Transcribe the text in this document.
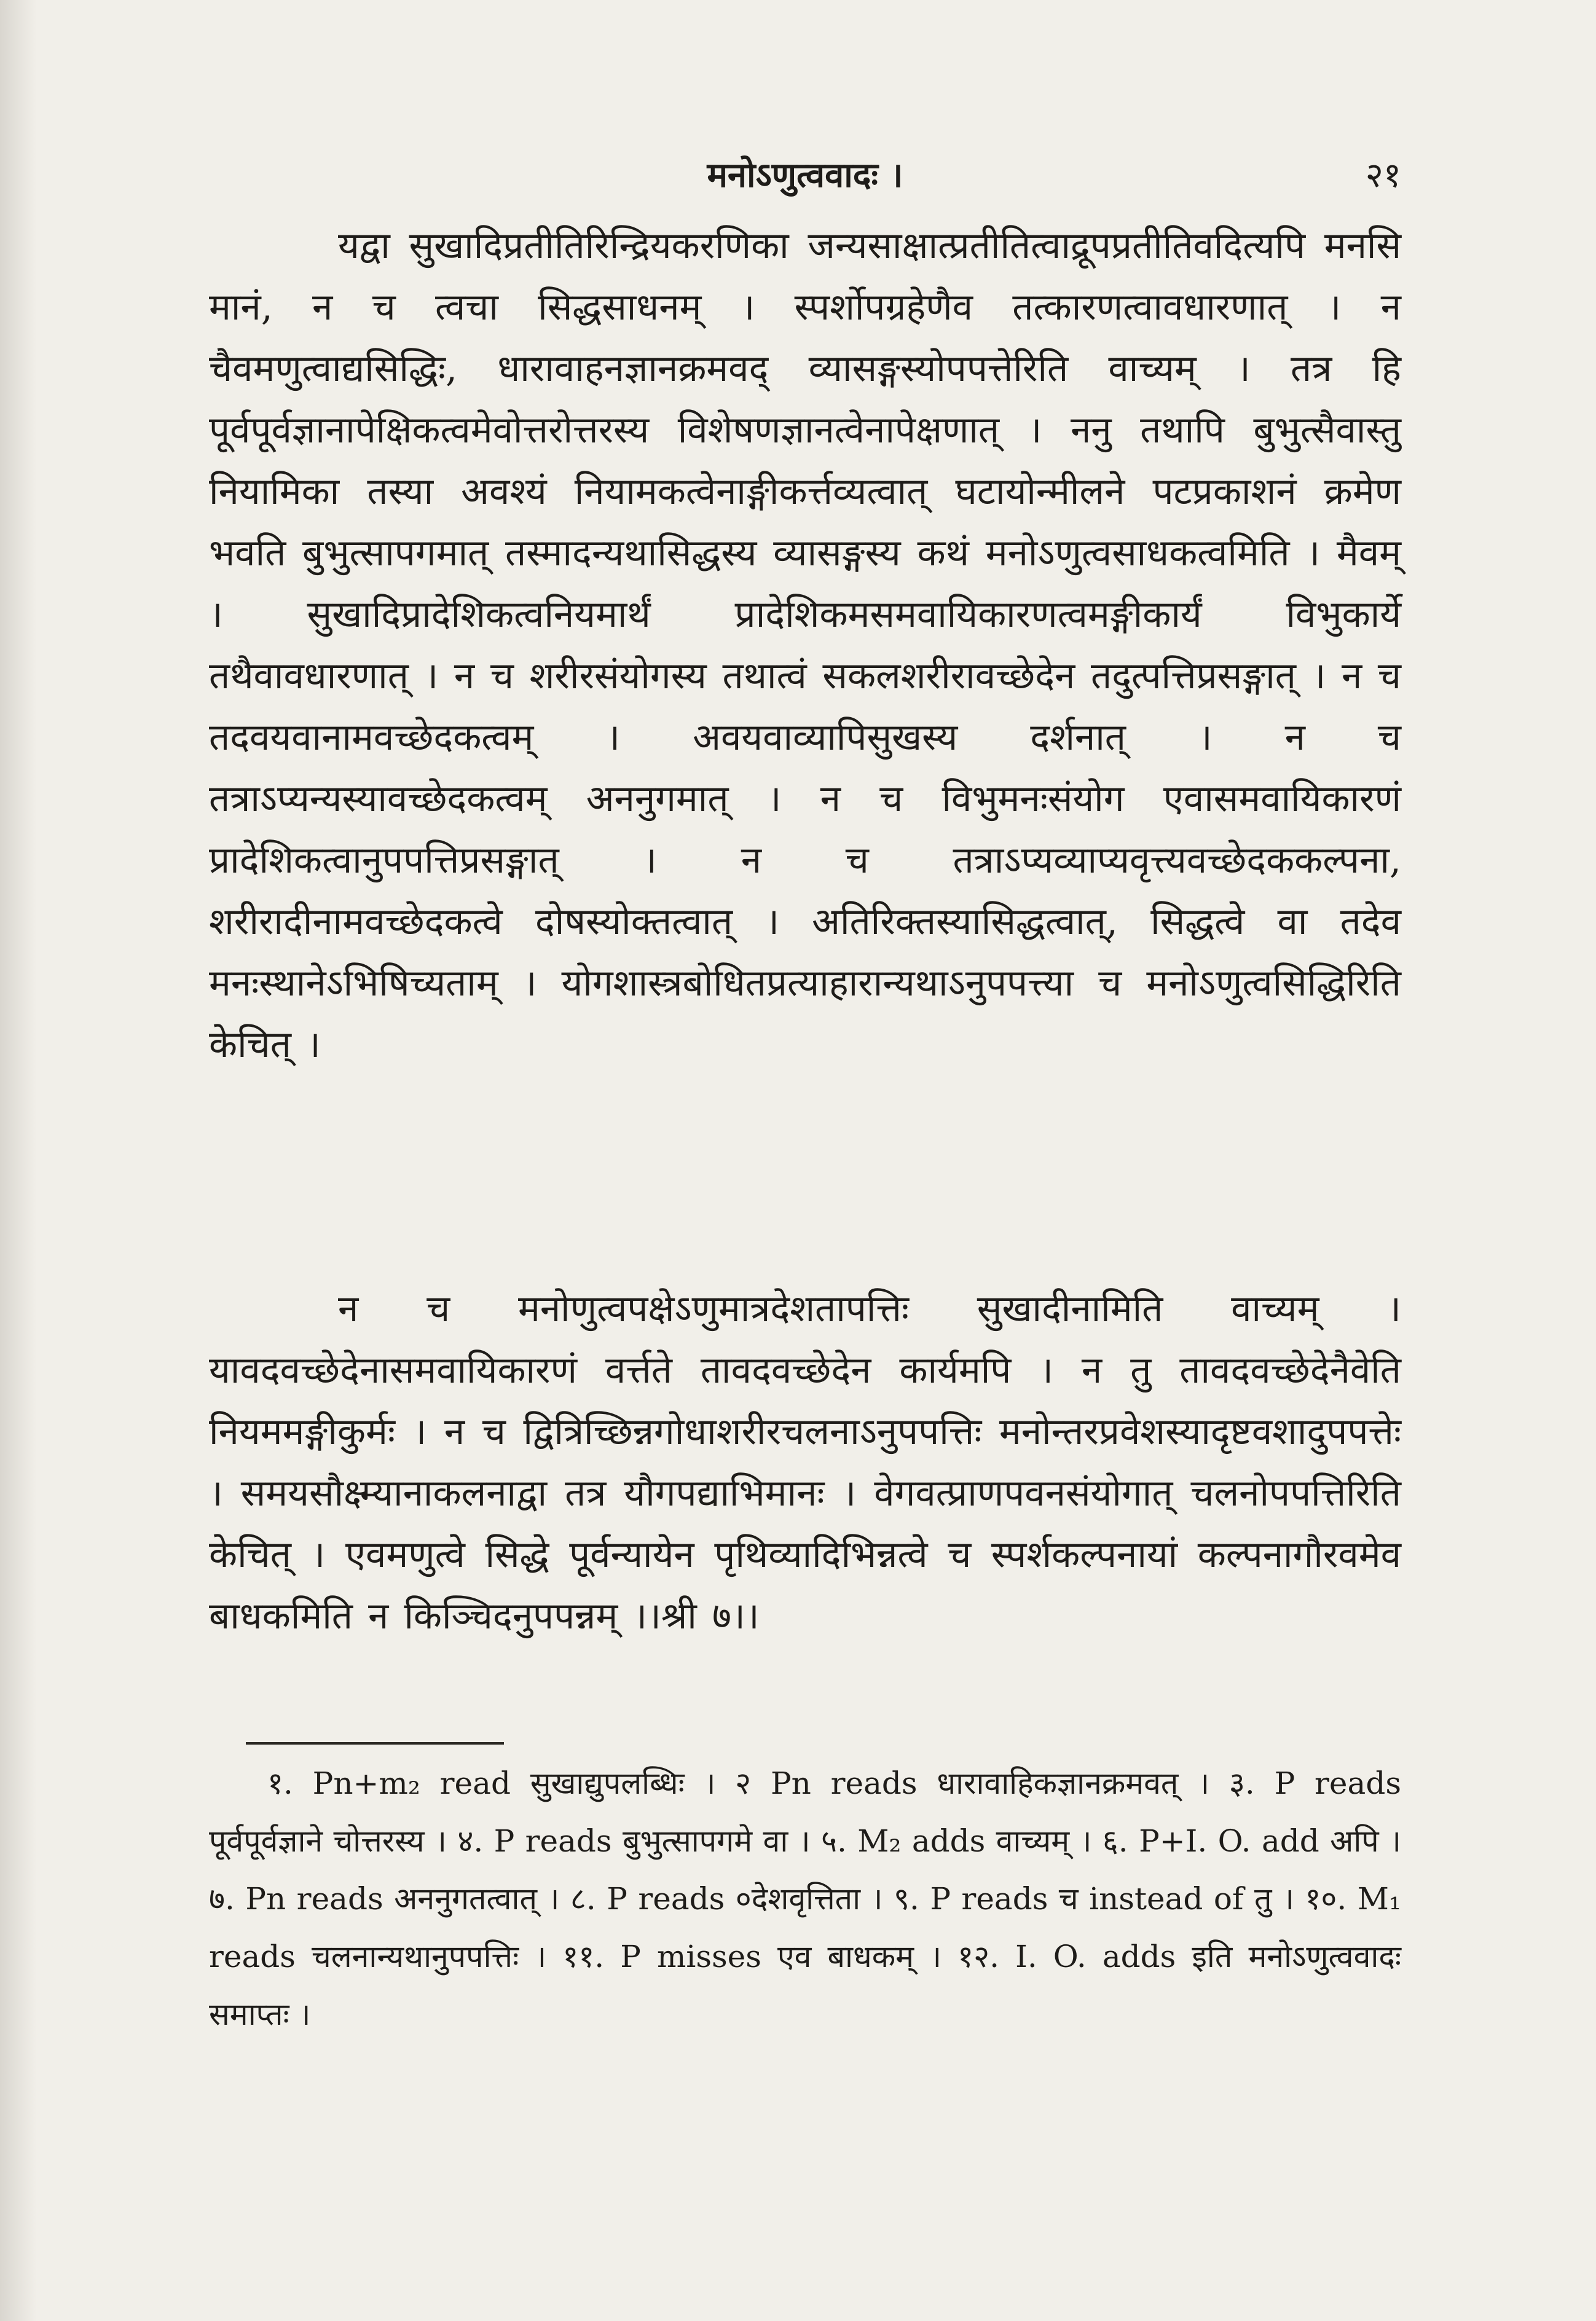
मनोऽणुत्ववादः ।	२१

यद्वा सुखादिप्रतीतिरिन्द्रियकरणिका जन्यसाक्षात्प्रतीतित्वाद्रूपप्रतीतिवदित्यपि मनसि मानं, न च त्वचा सिद्धसाधनम् । स्पर्शोपग्रहेणैव तत्कारणत्वावधारणात् । न चैवमणुत्वाद्यसिद्धिः, धारावाहनज्ञानक्रमवद् व्यासङ्गस्योपपत्तेरिति वाच्यम् । तत्र हि पूर्वपूर्वज्ञानापेक्षिकत्वमेवोत्तरोत्तरस्य विशेषणज्ञानत्वेनापेक्षणात् । ननु तथापि बुभुत्सैवास्तु नियामिका तस्या अवश्यं नियामकत्वेनाङ्गीकर्त्तव्यत्वात् घटायोन्मीलने पटप्रकाशनं क्रमेण भवति बुभुत्सापगमात् तस्मादन्यथासिद्धस्य व्यासङ्गस्य कथं मनोऽणुत्वसाधकत्वमिति । मैवम् । सुखादिप्रादेशिकत्वनियमार्थं प्रादेशिकमसमवायिकारणत्वमङ्गीकार्यं विभुकार्ये तथैवावधारणात् । न च शरीरसंयोगस्य तथात्वं सकलशरीरावच्छेदेन तदुत्पत्तिप्रसङ्गात् । न च तदवयवानामवच्छेदकत्वम् । अवयवाव्यापिसुखस्य दर्शनात् । न च तत्राऽप्यन्यस्यावच्छेदकत्वम् अननुगमात् । न च विभुमनःसंयोग एवासमवायिकारणं प्रादेशिकत्वानुपपत्तिप्रसङ्गात् । न च तत्राऽप्यव्याप्यवृत्त्यवच्छेदककल्पना, शरीरादीनामवच्छेदकत्वे दोषस्योक्तत्वात् । अतिरिक्तस्यासिद्धत्वात्, सिद्धत्वे वा तदेव मनःस्थानेऽभिषिच्यताम् । योगशास्त्रबोधितप्रत्याहारान्यथाऽनुपपत्त्या च मनोऽणुत्वसिद्धिरिति केचित् ।

न च मनोणुत्वपक्षेऽणुमात्रदेशतापत्तिः सुखादीनामिति वाच्यम् । यावदवच्छेदेनासमवायिकारणं वर्त्तते तावदवच्छेदेन कार्यमपि । न तु तावदवच्छेदेनैवेति नियममङ्गीकुर्मः । न च द्वित्रिच्छिन्नगोधाशरीरचलनाऽनुपपत्तिः मनोन्तरप्रवेशस्यादृष्टवशादुपपत्तेः । समयसौक्ष्म्यानाकलनाद्वा तत्र यौगपद्याभिमानः । वेगवत्प्राणपवनसंयोगात् चलनोपपत्तिरिति केचित् । एवमणुत्वे सिद्धे पूर्वन्यायेन पृथिव्यादिभिन्नत्वे च स्पर्शकल्पनायां कल्पनागौरवमेव बाधकमिति न किञ्चिदनुपपन्नम् ।।श्री ७।।

१. Pn+m₂ read सुखाद्युपलब्धिः । २ Pn reads धारावाहिकज्ञानक्रमवत् । ३. P reads पूर्वपूर्वज्ञाने चोत्तरस्य । ४. P reads बुभुत्सापगमे वा । ५. M₂ adds वाच्यम् । ६. P+I. O. add अपि । ७. Pn reads अननुगतत्वात् । ८. P reads ०देशवृत्तिता । ९. P reads च instead of तु । १०. M₁ reads चलनान्यथानुपपत्तिः । ११. P misses एव बाधकम् । १२. I. O. adds इति मनोऽणुत्ववादः समाप्तः ।
